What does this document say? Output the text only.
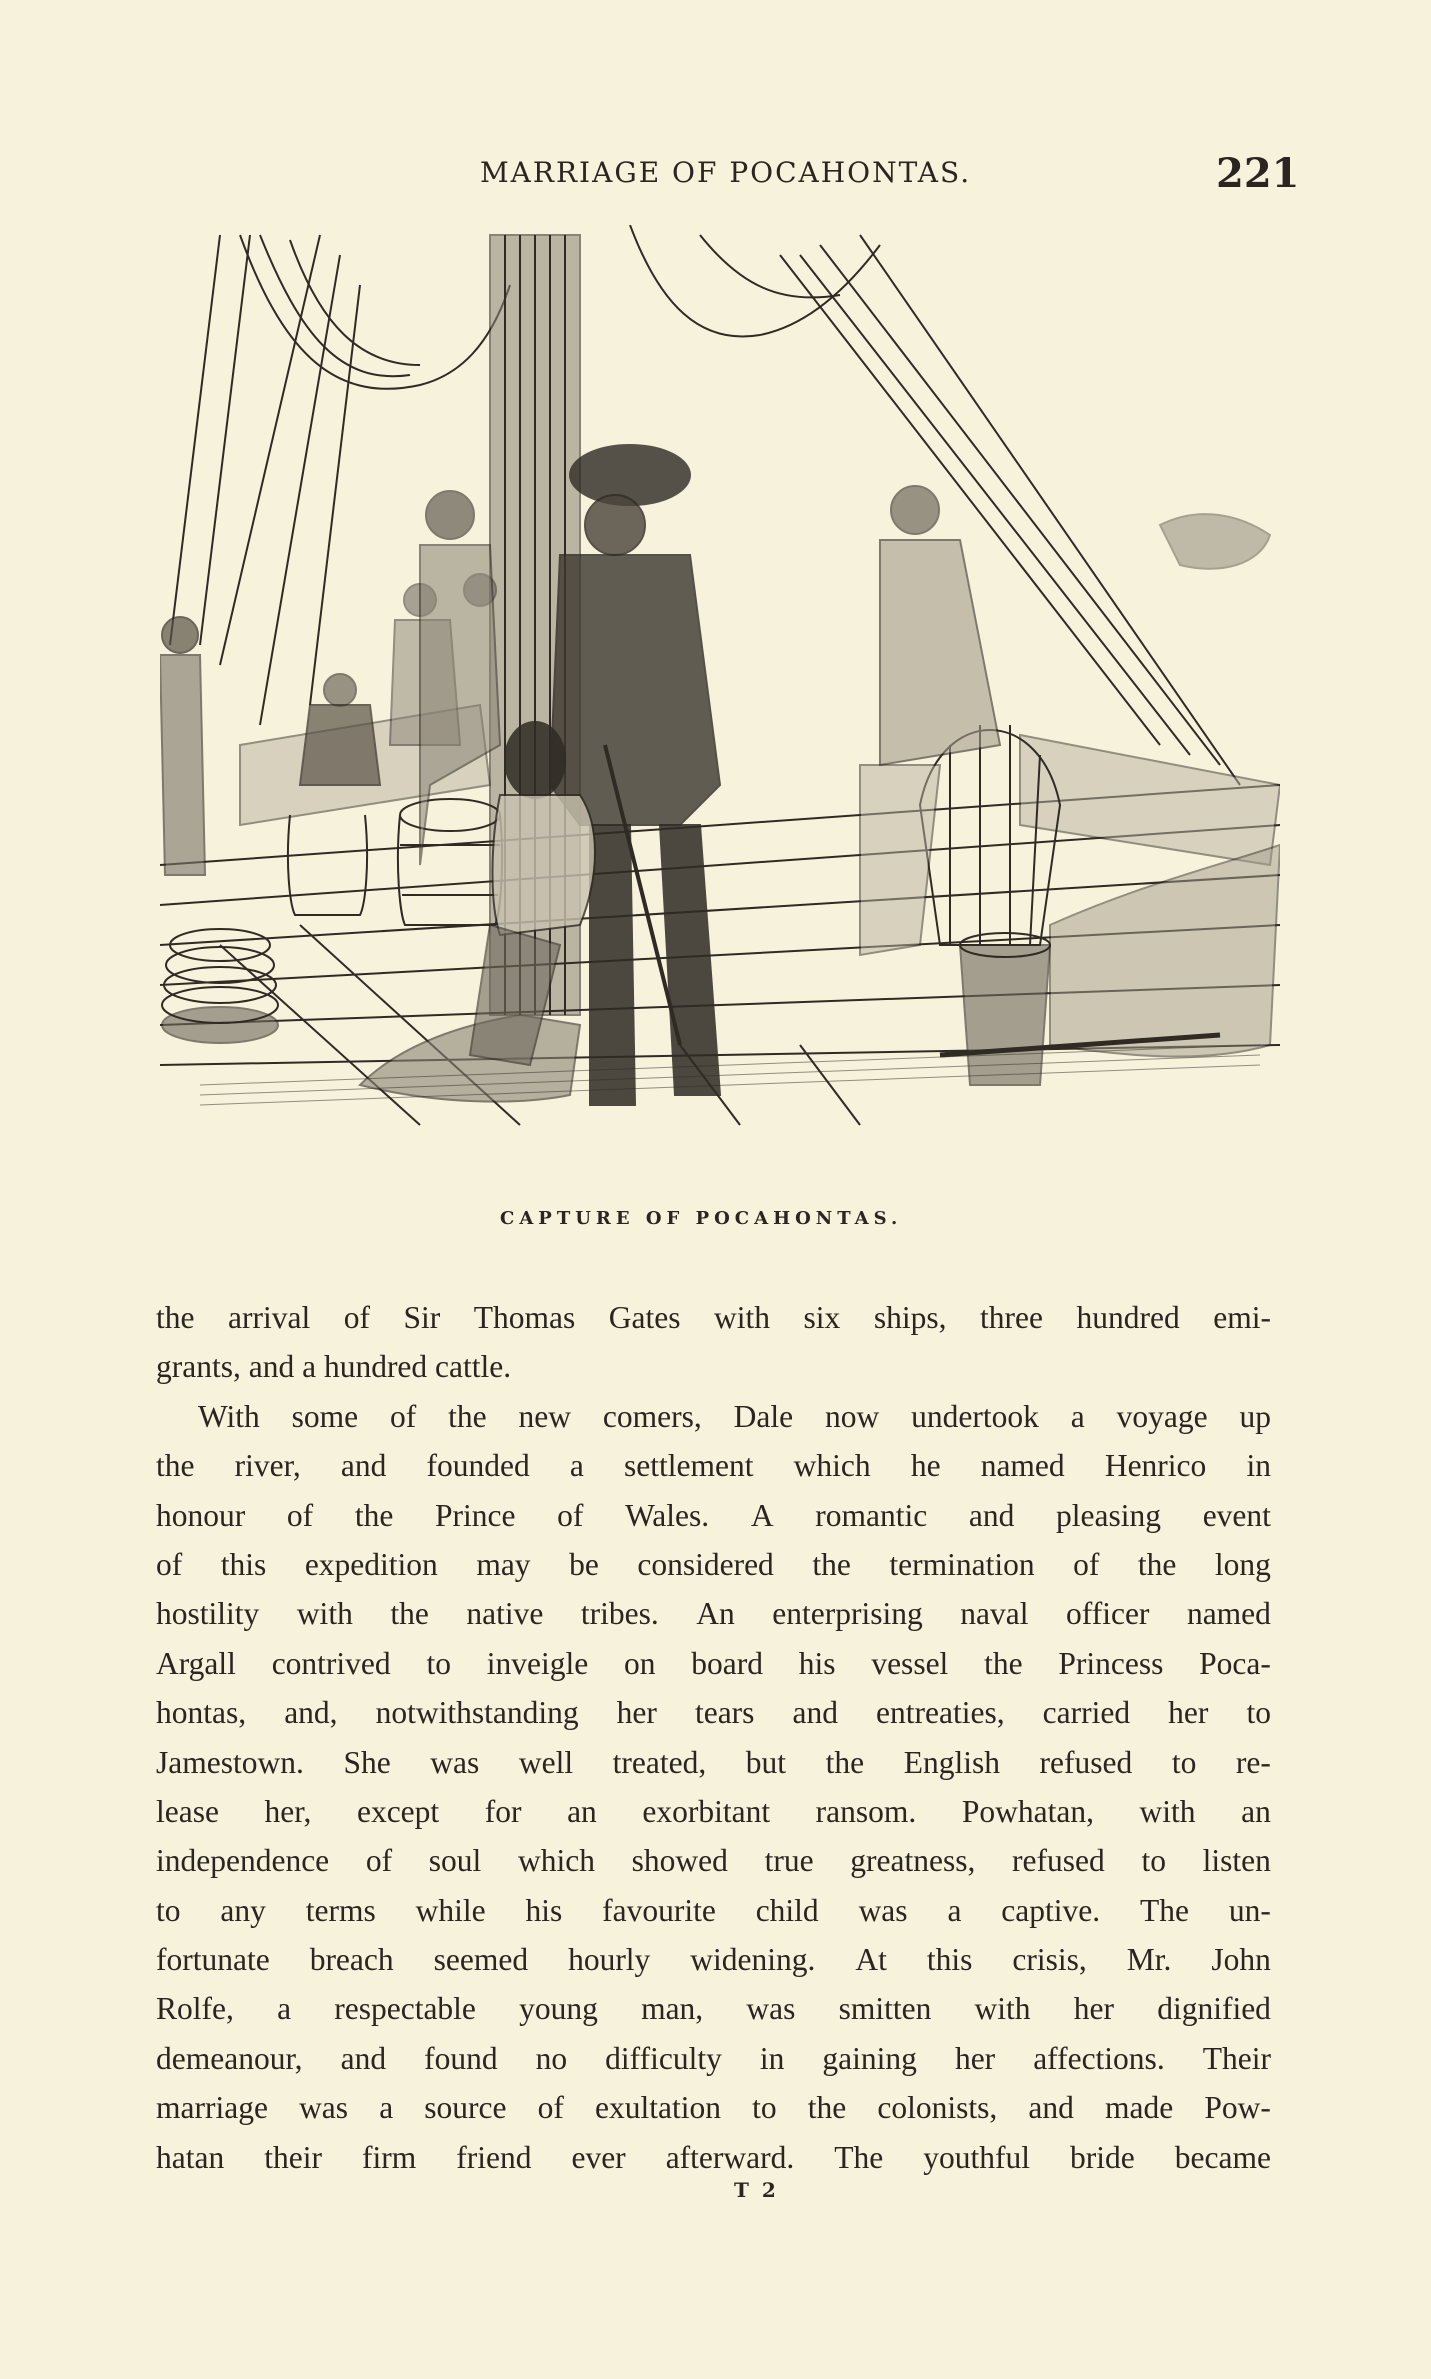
MARRIAGE OF POCAHONTAS.	221
CAPTURE OF POCAHONTAS.
the arrival of Sir Thomas Gates with six ships, three hundred emi-
grants, and a hundred cattle.
With some of the new comers, Dale now undertook a voyage up
the river, and founded a settlement which he named Henrico in
honour of the Prince of Wales. A romantic and pleasing event
of this expedition may be considered the termination of the long
hostility with the native tribes. An enterprising naval officer named
Argall contrived to inveigle on board his vessel the Princess Poca-
hontas, and, notwithstanding her tears and entreaties, carried her to
Jamestown. She was well treated, but the English refused to re-
lease her, except for an exorbitant ransom. Powhatan, with an
independence of soul which showed true greatness, refused to listen
to any terms while his favourite child was a captive. The un-
fortunate breach seemed hourly widening. At this crisis, Mr. John
Rolfe, a respectable young man, was smitten with her dignified
demeanour, and found no difficulty in gaining her affections. Their
marriage was a source of exultation to the colonists, and made Pow-
hatan their firm friend ever afterward. The youthful bride became
T 2
